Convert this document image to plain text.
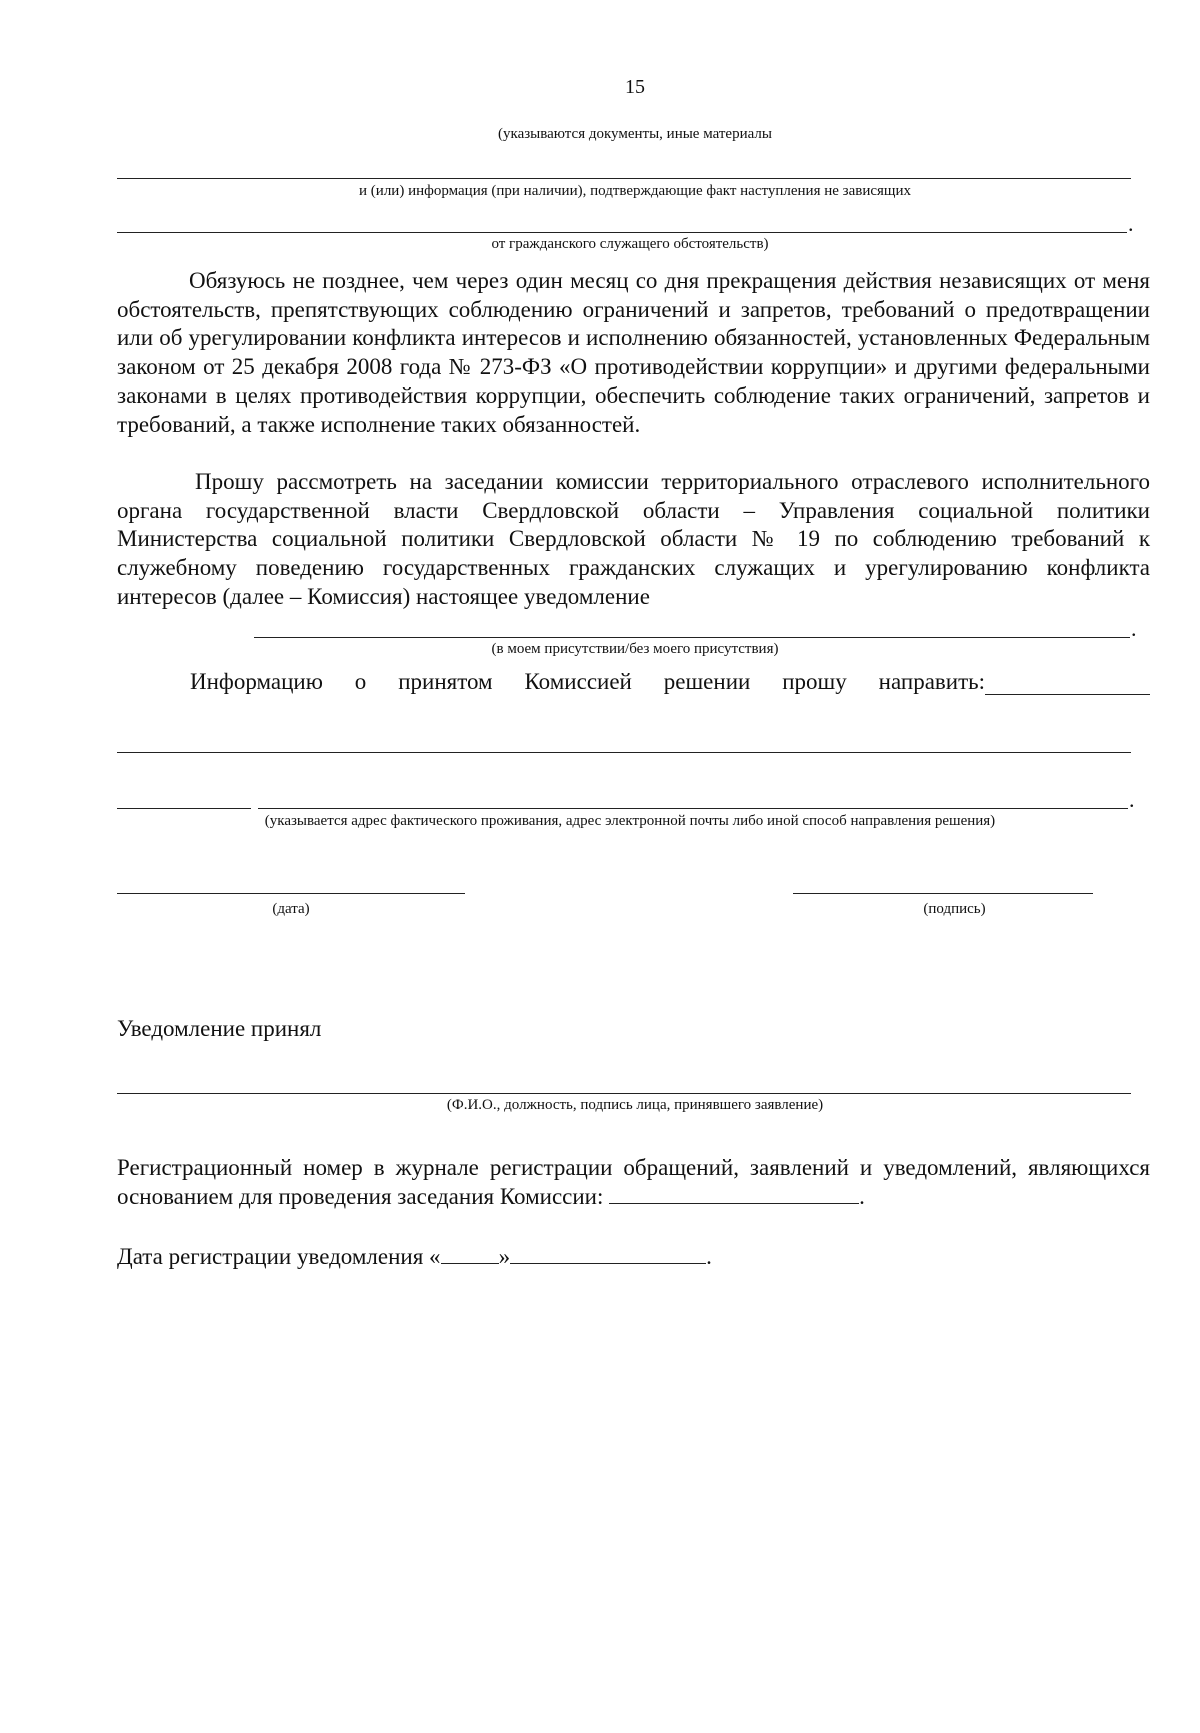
15
(указываются документы, иные материалы
и (или) информация (при наличии), подтверждающие факт наступления не зависящих
.
от гражданского служащего обстоятельств)
Обязуюсь не позднее, чем через один месяц со дня прекращения действия независящих от меня обстоятельств, препятствующих соблюдению ограничений и запретов, требований о предотвращении или об урегулировании конфликта интересов и исполнению обязанностей, установленных Федеральным законом от 25 декабря 2008 года № 273-ФЗ «О противодействии коррупции» и другими федеральными законами в целях противодействия коррупции, обеспечить соблюдение таких ограничений, запретов и требований, а также исполнение таких обязанностей.
Прошу рассмотреть на заседании комиссии территориального отраслевого исполнительного органа государственной власти Свердловской области – Управления социальной политики Министерства социальной политики Свердловской области № 19 по соблюдению требований к служебному поведению государственных гражданских служащих и урегулированию конфликта интересов (далее – Комиссия) настоящее уведомление
.
(в моем присутствии/без моего присутствия)
Информацию о принятом Комиссией решении прошу направить:
.
(указывается адрес фактического проживания, адрес электронной почты либо иной способ направления решения)
(дата)	(подпись)
Уведомление принял
(Ф.И.О., должность, подпись лица, принявшего заявление)
Регистрационный номер в журнале регистрации обращений, заявлений и уведомлений, являющихся основанием для проведения заседания Комиссии:	.
Дата регистрации уведомления «	»	.
